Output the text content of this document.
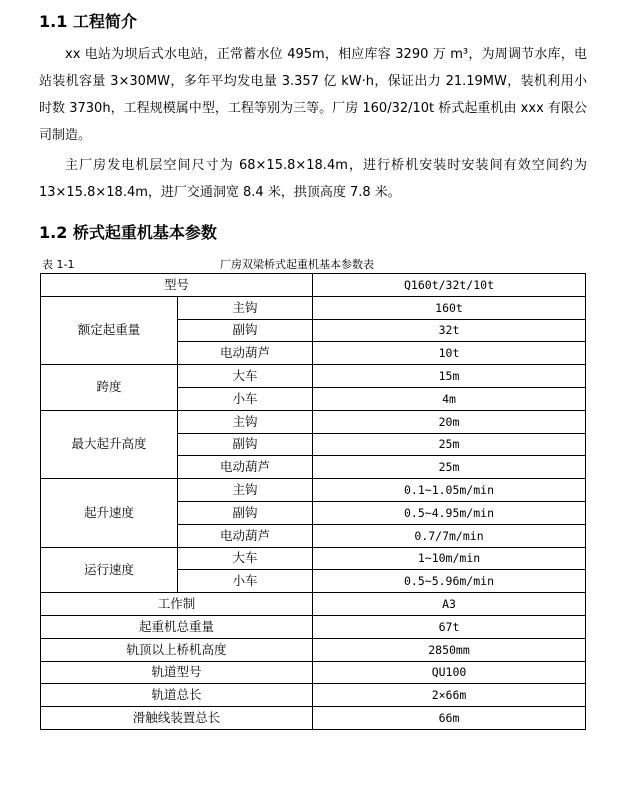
1.1 工程简介

xx 电站为坝后式水电站，正常蓄水位 495m，相应库容 3290 万 m³，为周调节水库，电站装机容量 3×30MW，多年平均发电量 3.357 亿 kW·h，保证出力 21.19MW，装机利用小时数 3730h，工程规模属中型，工程等别为三等。厂房 160/32/10t 桥式起重机由 xxx 有限公司制造。

主厂房发电机层空间尺寸为 68×15.8×18.4m，进行桥机安装时安装间有效空间约为 13×15.8×18.4m，进厂交通洞宽 8.4 米，拱顶高度 7.8 米。

1.2 桥式起重机基本参数
表 1-1	厂房双梁桥式起重机基本参数表
型号		Q160t/32t/10t
额定起重量	主钩	160t
	副钩	32t
	电动葫芦	10t
跨度	大车	15m
	小车	4m
最大起升高度	主钩	20m
	副钩	25m
	电动葫芦	25m
起升速度	主钩	0.1~1.05m/min
	副钩	0.5~4.95m/min
	电动葫芦	0.7/7m/min
运行速度	大车	1~10m/min
	小车	0.5~5.96m/min
工作制		A3
起重机总重量		67t
轨顶以上桥机高度		2850mm
轨道型号		QU100
轨道总长		2×66m
滑触线装置总长		66m
